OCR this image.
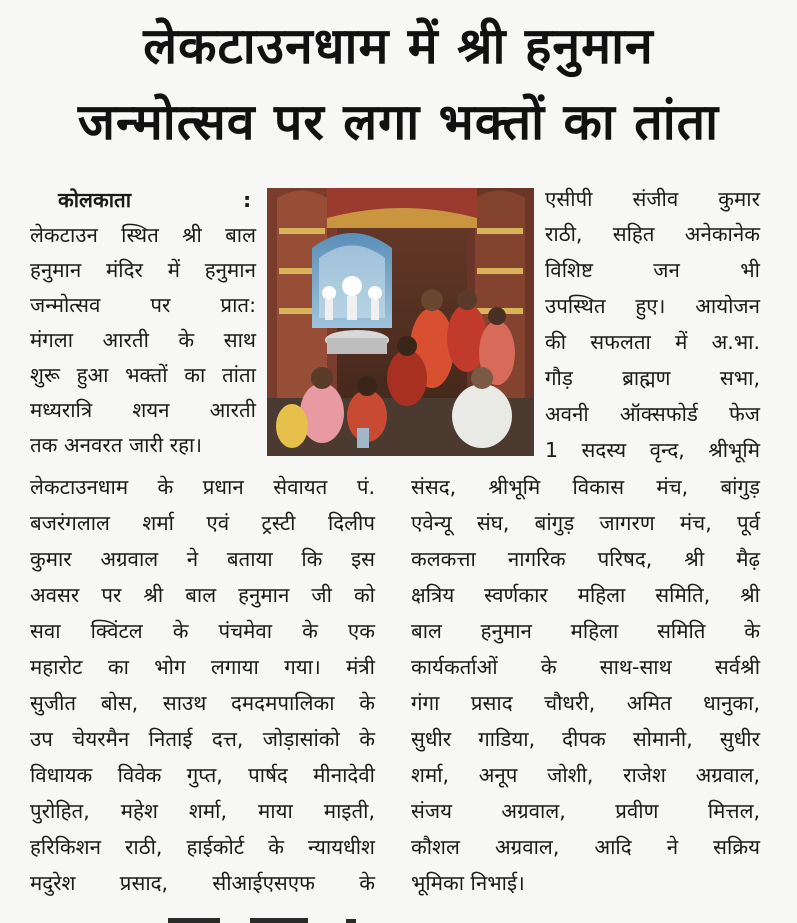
लेकटाउनधाम में श्री हनुमान
जन्मोत्सव पर लगा भक्तों का तांता
कोलकाता	:
लेकटाउन स्थित श्री बाल
हनुमान मंदिर में हनुमान
जन्मोत्सव पर प्रात:
मंगला आरती के साथ
शुरू हुआ भक्तों का तांता
मध्यरात्रि शयन आरती
तक अनवरत जारी रहा।
लेकटाउनधाम के प्रधान सेवायत पं.
बजरंगलाल शर्मा एवं ट्रस्टी दिलीप
कुमार अग्रवाल ने बताया कि इस
अवसर पर श्री बाल हनुमान जी को
सवा क्विंटल के पंचमेवा के एक
महारोट का भोग लगाया गया। मंत्री
सुजीत बोस, साउथ दमदमपालिका के
उप चेयरमैन निताई दत्त, जोड़ासांको के
विधायक विवेक गुप्त, पार्षद मीनादेवी
पुरोहित, महेश शर्मा, माया माइती,
हरिकिशन राठी, हाईकोर्ट के न्यायधीश
मदुरेश प्रसाद, सीआईएसएफ के
एसीपी संजीव कुमार
राठी, सहित अनेकानेक
विशिष्ट जन भी
उपस्थित हुए। आयोजन
की सफलता में अ.भा.
गौड़ ब्राह्मण सभा,
अवनी ऑक्सफोर्ड फेज
1 सदस्य वृन्द, श्रीभूमि
संसद, श्रीभूमि विकास मंच, बांगुड़
एवेन्यू संघ, बांगुड़ जागरण मंच, पूर्व
कलकत्ता नागरिक परिषद, श्री मैढ़
क्षत्रिय स्वर्णकार महिला समिति, श्री
बाल हनुमान महिला समिति के
कार्यकर्ताओं के साथ-साथ सर्वश्री
गंगा प्रसाद चौधरी, अमित धानुका,
सुधीर गाडिया, दीपक सोमानी, सुधीर
शर्मा, अनूप जोशी, राजेश अग्रवाल,
संजय अग्रवाल, प्रवीण मित्तल,
कौशल अग्रवाल, आदि ने सक्रिय
भूमिका निभाई।
